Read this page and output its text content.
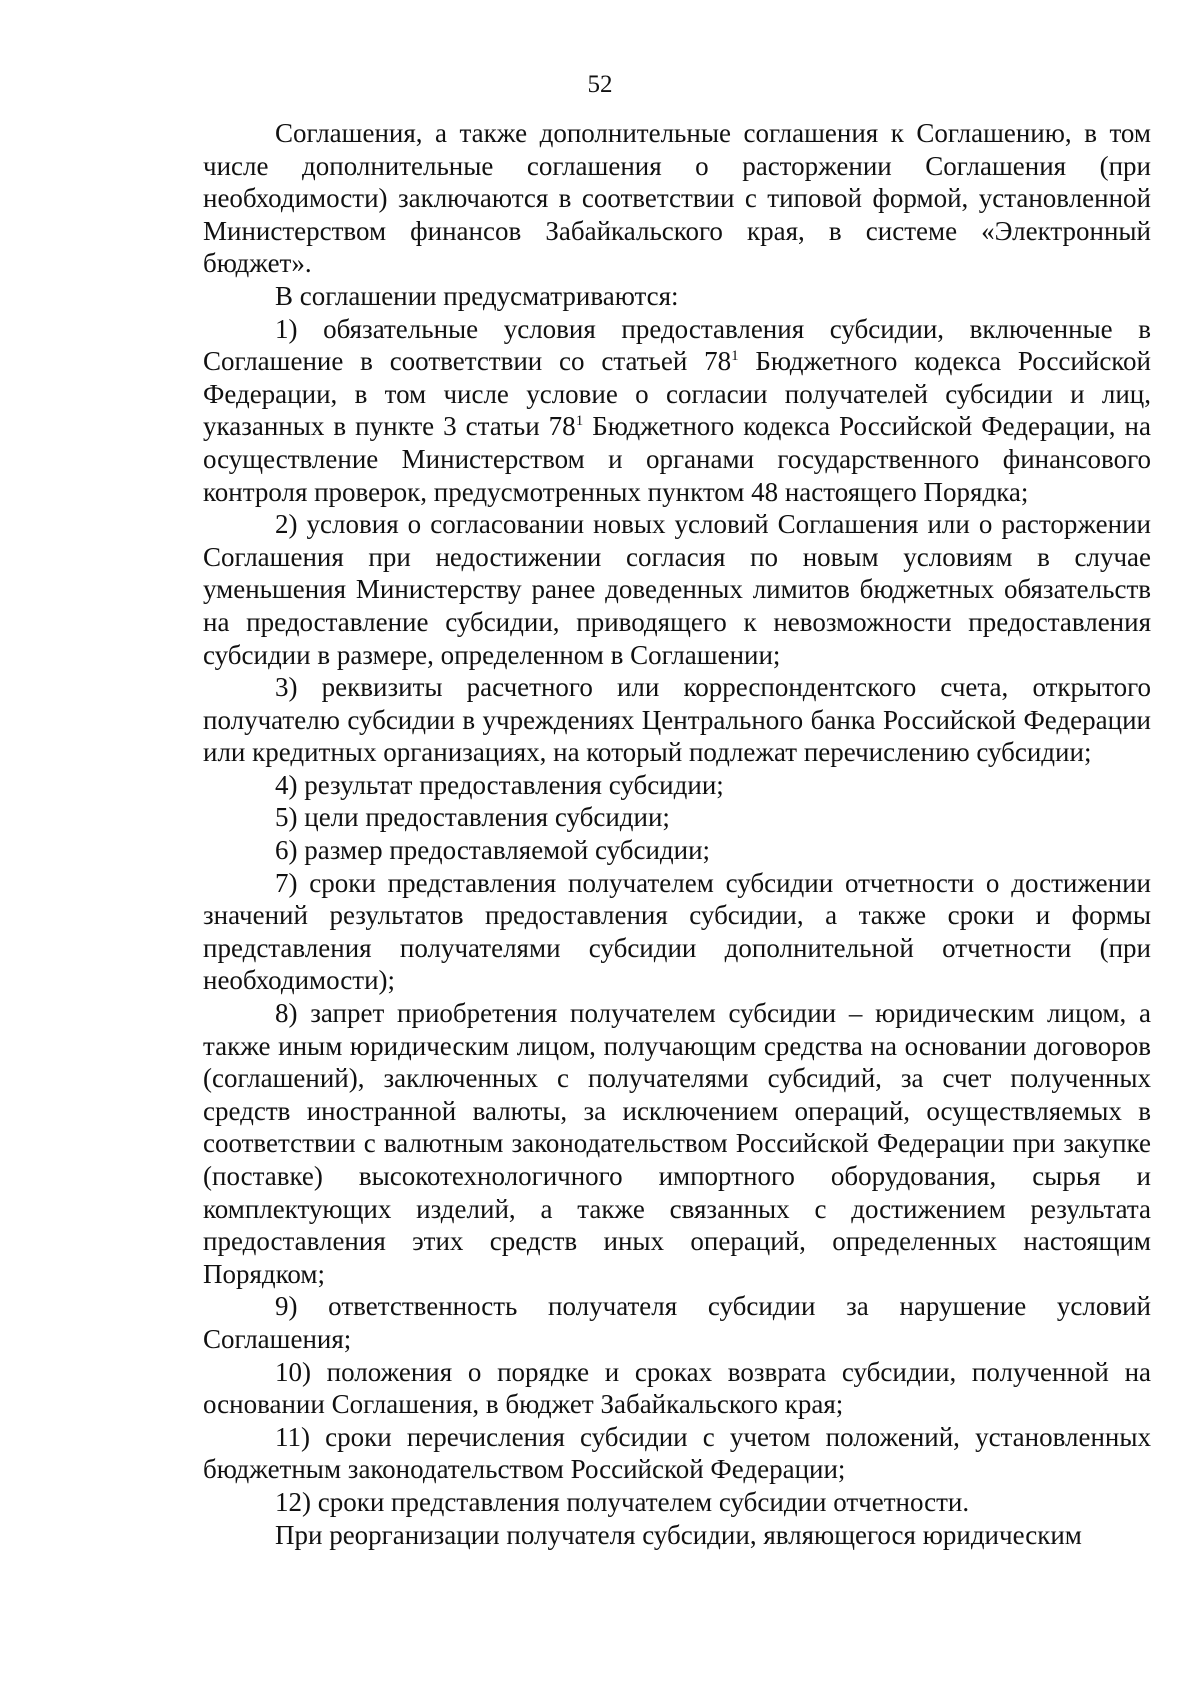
52

Соглашения, а также дополнительные соглашения к Соглашению, в том числе дополнительные соглашения о расторжении Соглашения (при необходимости) заключаются в соответствии с типовой формой, установленной Министерством финансов Забайкальского края, в системе «Электронный бюджет».

В соглашении предусматриваются:

1) обязательные условия предоставления субсидии, включенные в Соглашение в соответствии со статьей $78^1$ Бюджетного кодекса Российской Федерации, в том числе условие о согласии получателей субсидии и лиц, указанных в пункте 3 статьи $78^1$ Бюджетного кодекса Российской Федерации, на осуществление Министерством и органами государственного финансового контроля проверок, предусмотренных пунктом 48 настоящего Порядка;

2) условия о согласовании новых условий Соглашения или о расторжении Соглашения при недостижении согласия по новым условиям в случае уменьшения Министерству ранее доведенных лимитов бюджетных обязательств на предоставление субсидии, приводящего к невозможности предоставления субсидии в размере, определенном в Соглашении;

3) реквизиты расчетного или корреспондентского счета, открытого получателю субсидии в учреждениях Центрального банка Российской Федерации или кредитных организациях, на который подлежат перечислению субсидии;

4) результат предоставления субсидии;

5) цели предоставления субсидии;

6) размер предоставляемой субсидии;

7) сроки представления получателем субсидии отчетности о достижении значений результатов предоставления субсидии, а также сроки и формы представления получателями субсидии дополнительной отчетности (при необходимости);

8) запрет приобретения получателем субсидии – юридическим лицом, а также иным юридическим лицом, получающим средства на основании договоров (соглашений), заключенных с получателями субсидий, за счет полученных средств иностранной валюты, за исключением операций, осуществляемых в соответствии с валютным законодательством Российской Федерации при закупке (поставке) высокотехнологичного импортного оборудования, сырья и комплектующих изделий, а также связанных с достижением результата предоставления этих средств иных операций, определенных настоящим Порядком;

9) ответственность получателя субсидии за нарушение условий Соглашения;

10) положения о порядке и сроках возврата субсидии, полученной на основании Соглашения, в бюджет Забайкальского края;

11) сроки перечисления субсидии с учетом положений, установленных бюджетным законодательством Российской Федерации;

12) сроки представления получателем субсидии отчетности.

При реорганизации получателя субсидии, являющегося юридическим
